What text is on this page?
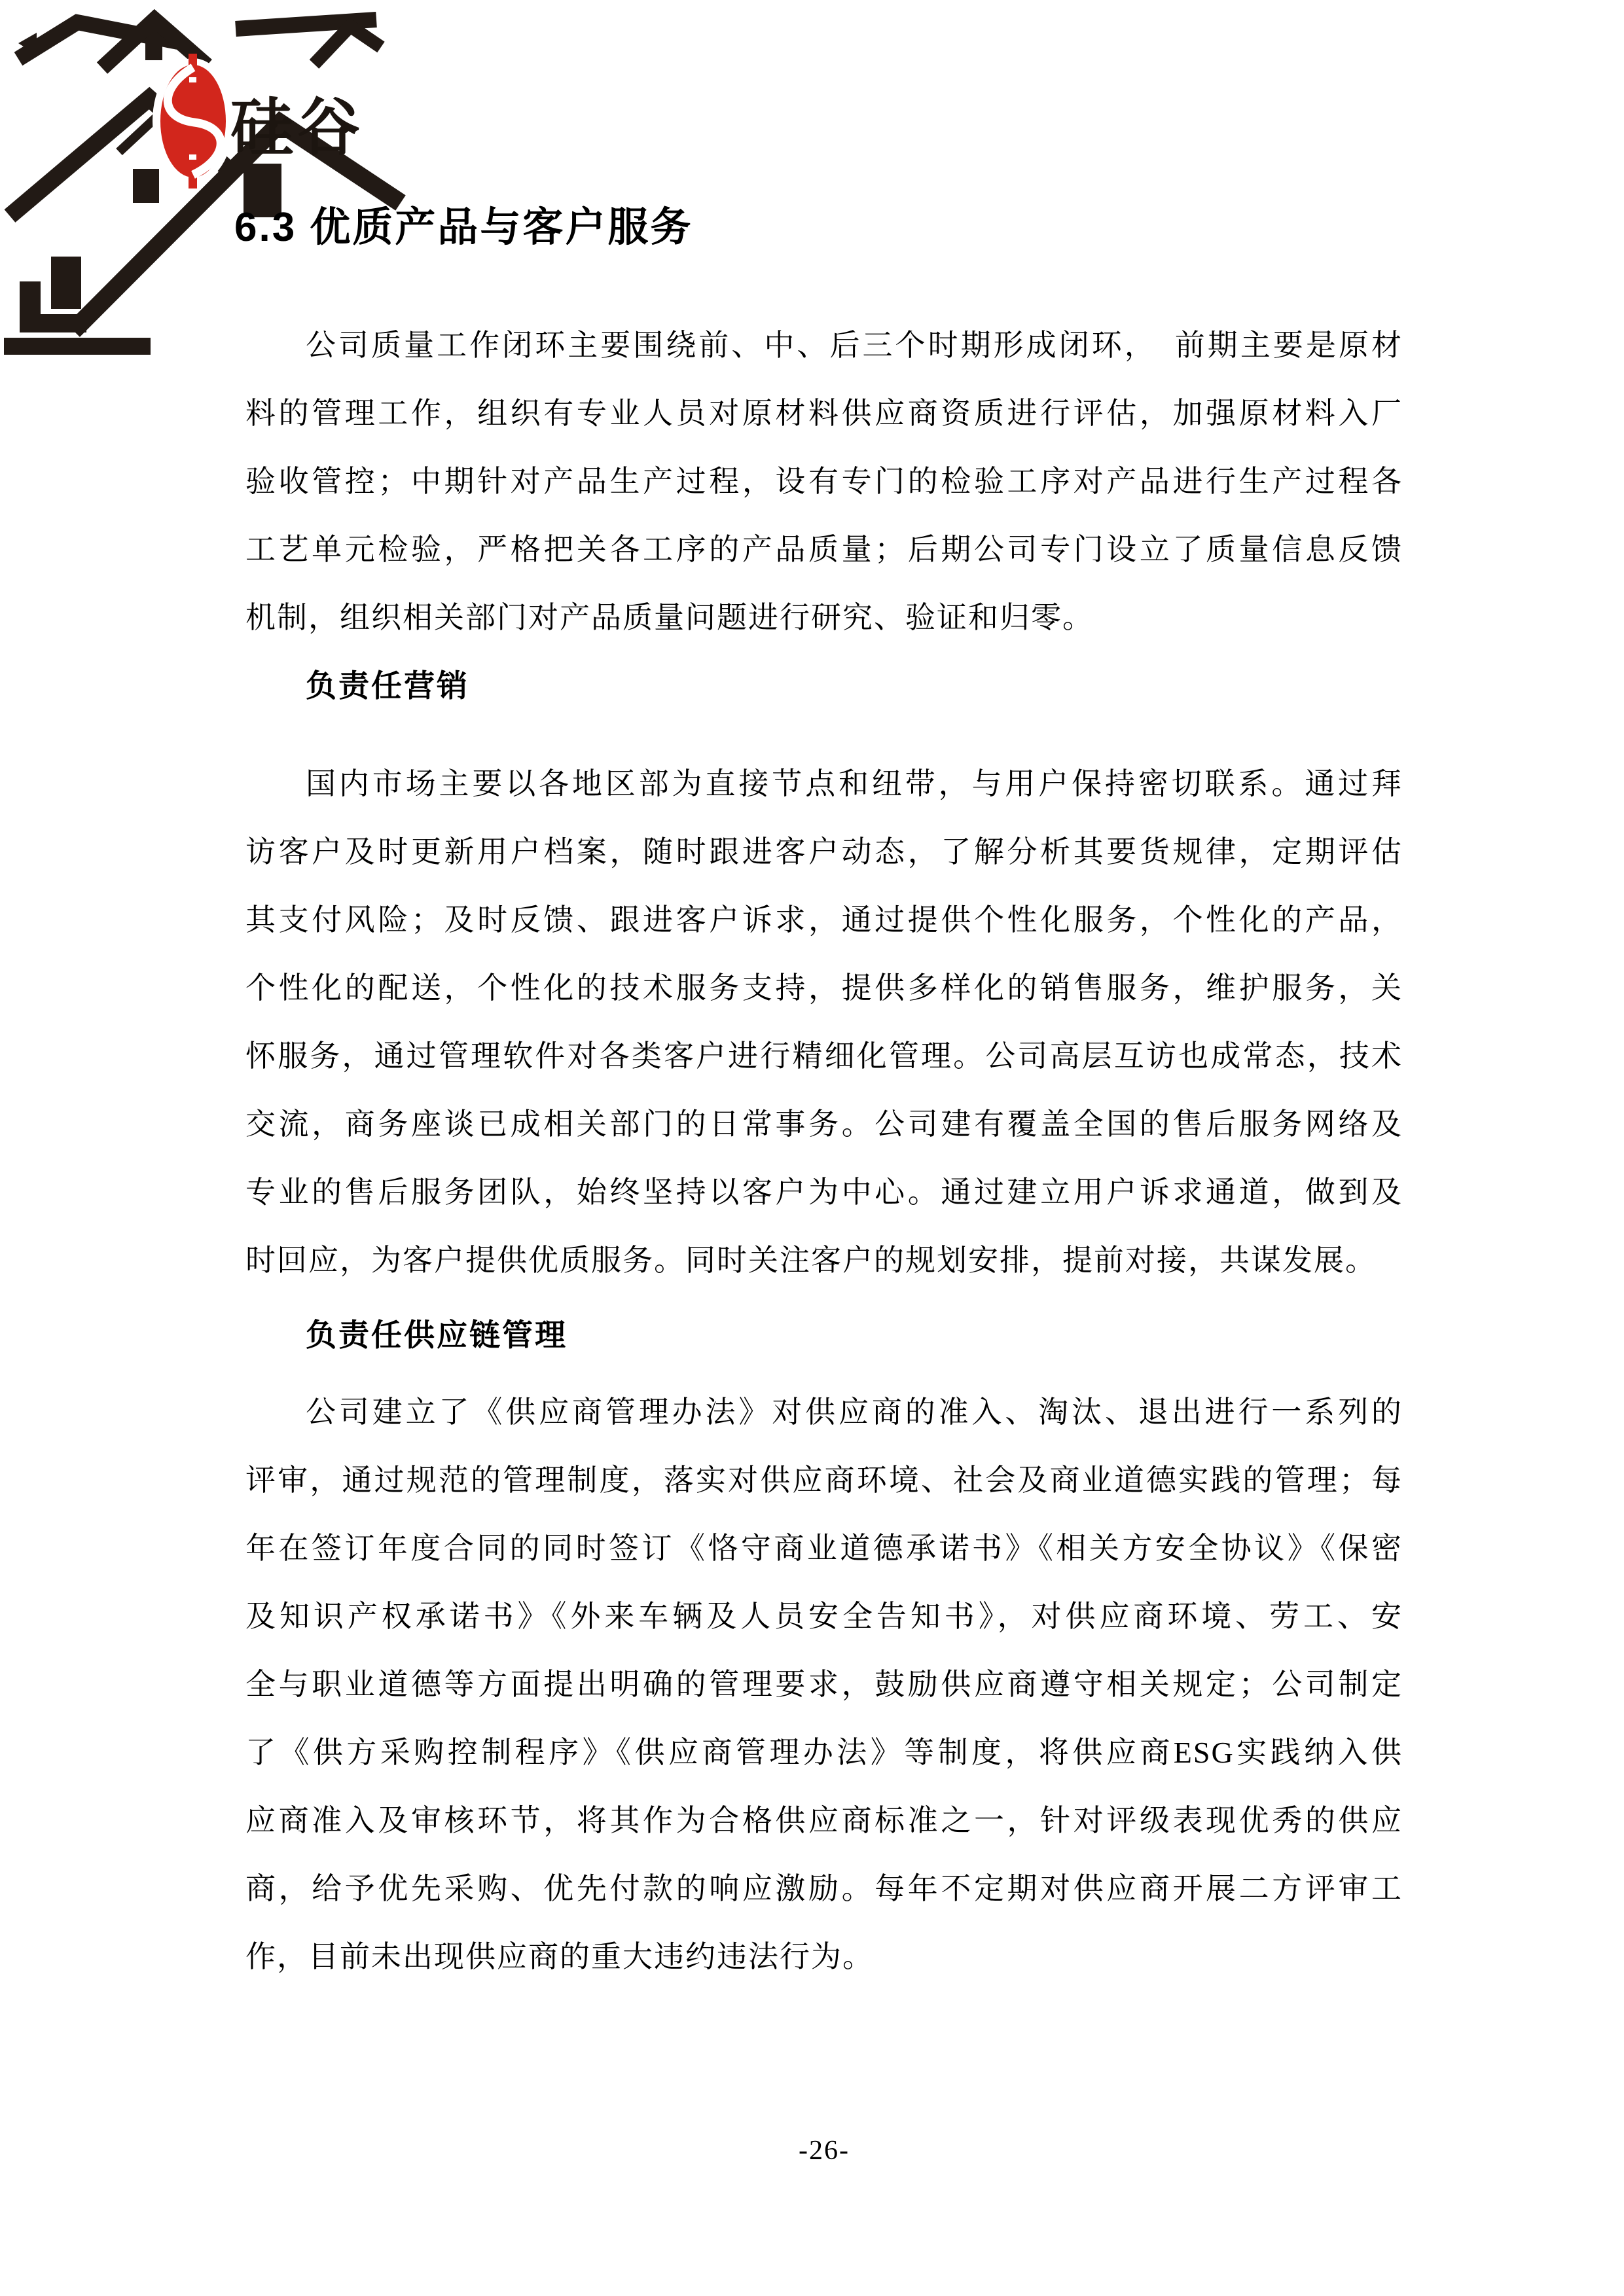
硅谷
6.3 优质产品与客户服务
公司质量工作闭环主要围绕前、中、后三个时期形成闭环，　前期主要是原材
料的管理工作，组织有专业人员对原材料供应商资质进行评估，加强原材料入厂
验收管控；中期针对产品生产过程，设有专门的检验工序对产品进行生产过程各
工艺单元检验，严格把关各工序的产品质量；后期公司专门设立了质量信息反馈
机制，组织相关部门对产品质量问题进行研究、验证和归零。
负责任营销
国内市场主要以各地区部为直接节点和纽带，与用户保持密切联系。通过拜
访客户及时更新用户档案，随时跟进客户动态，了解分析其要货规律，定期评估
其支付风险；及时反馈、跟进客户诉求，通过提供个性化服务，个性化的产品，
个性化的配送，个性化的技术服务支持，提供多样化的销售服务，维护服务，关
怀服务，通过管理软件对各类客户进行精细化管理。公司高层互访也成常态，技术
交流，商务座谈已成相关部门的日常事务。公司建有覆盖全国的售后服务网络及
专业的售后服务团队，始终坚持以客户为中心。通过建立用户诉求通道，做到及
时回应，为客户提供优质服务。同时关注客户的规划安排，提前对接，共谋发展。
负责任供应链管理
公司建立了《供应商管理办法》对供应商的准入、淘汰、退出进行一系列的
评审，通过规范的管理制度，落实对供应商环境、社会及商业道德实践的管理；每
年在签订年度合同的同时签订《恪守商业道德承诺书》《相关方安全协议》《保密
及知识产权承诺书》《外来车辆及人员安全告知书》，对供应商环境、劳工、安
全与职业道德等方面提出明确的管理要求，鼓励供应商遵守相关规定；公司制定
了《供方采购控制程序》《供应商管理办法》等制度，将供应商ESG实践纳入供
应商准入及审核环节，将其作为合格供应商标准之一，针对评级表现优秀的供应
商，给予优先采购、优先付款的响应激励。每年不定期对供应商开展二方评审工
作，目前未出现供应商的重大违约违法行为。
-26-
